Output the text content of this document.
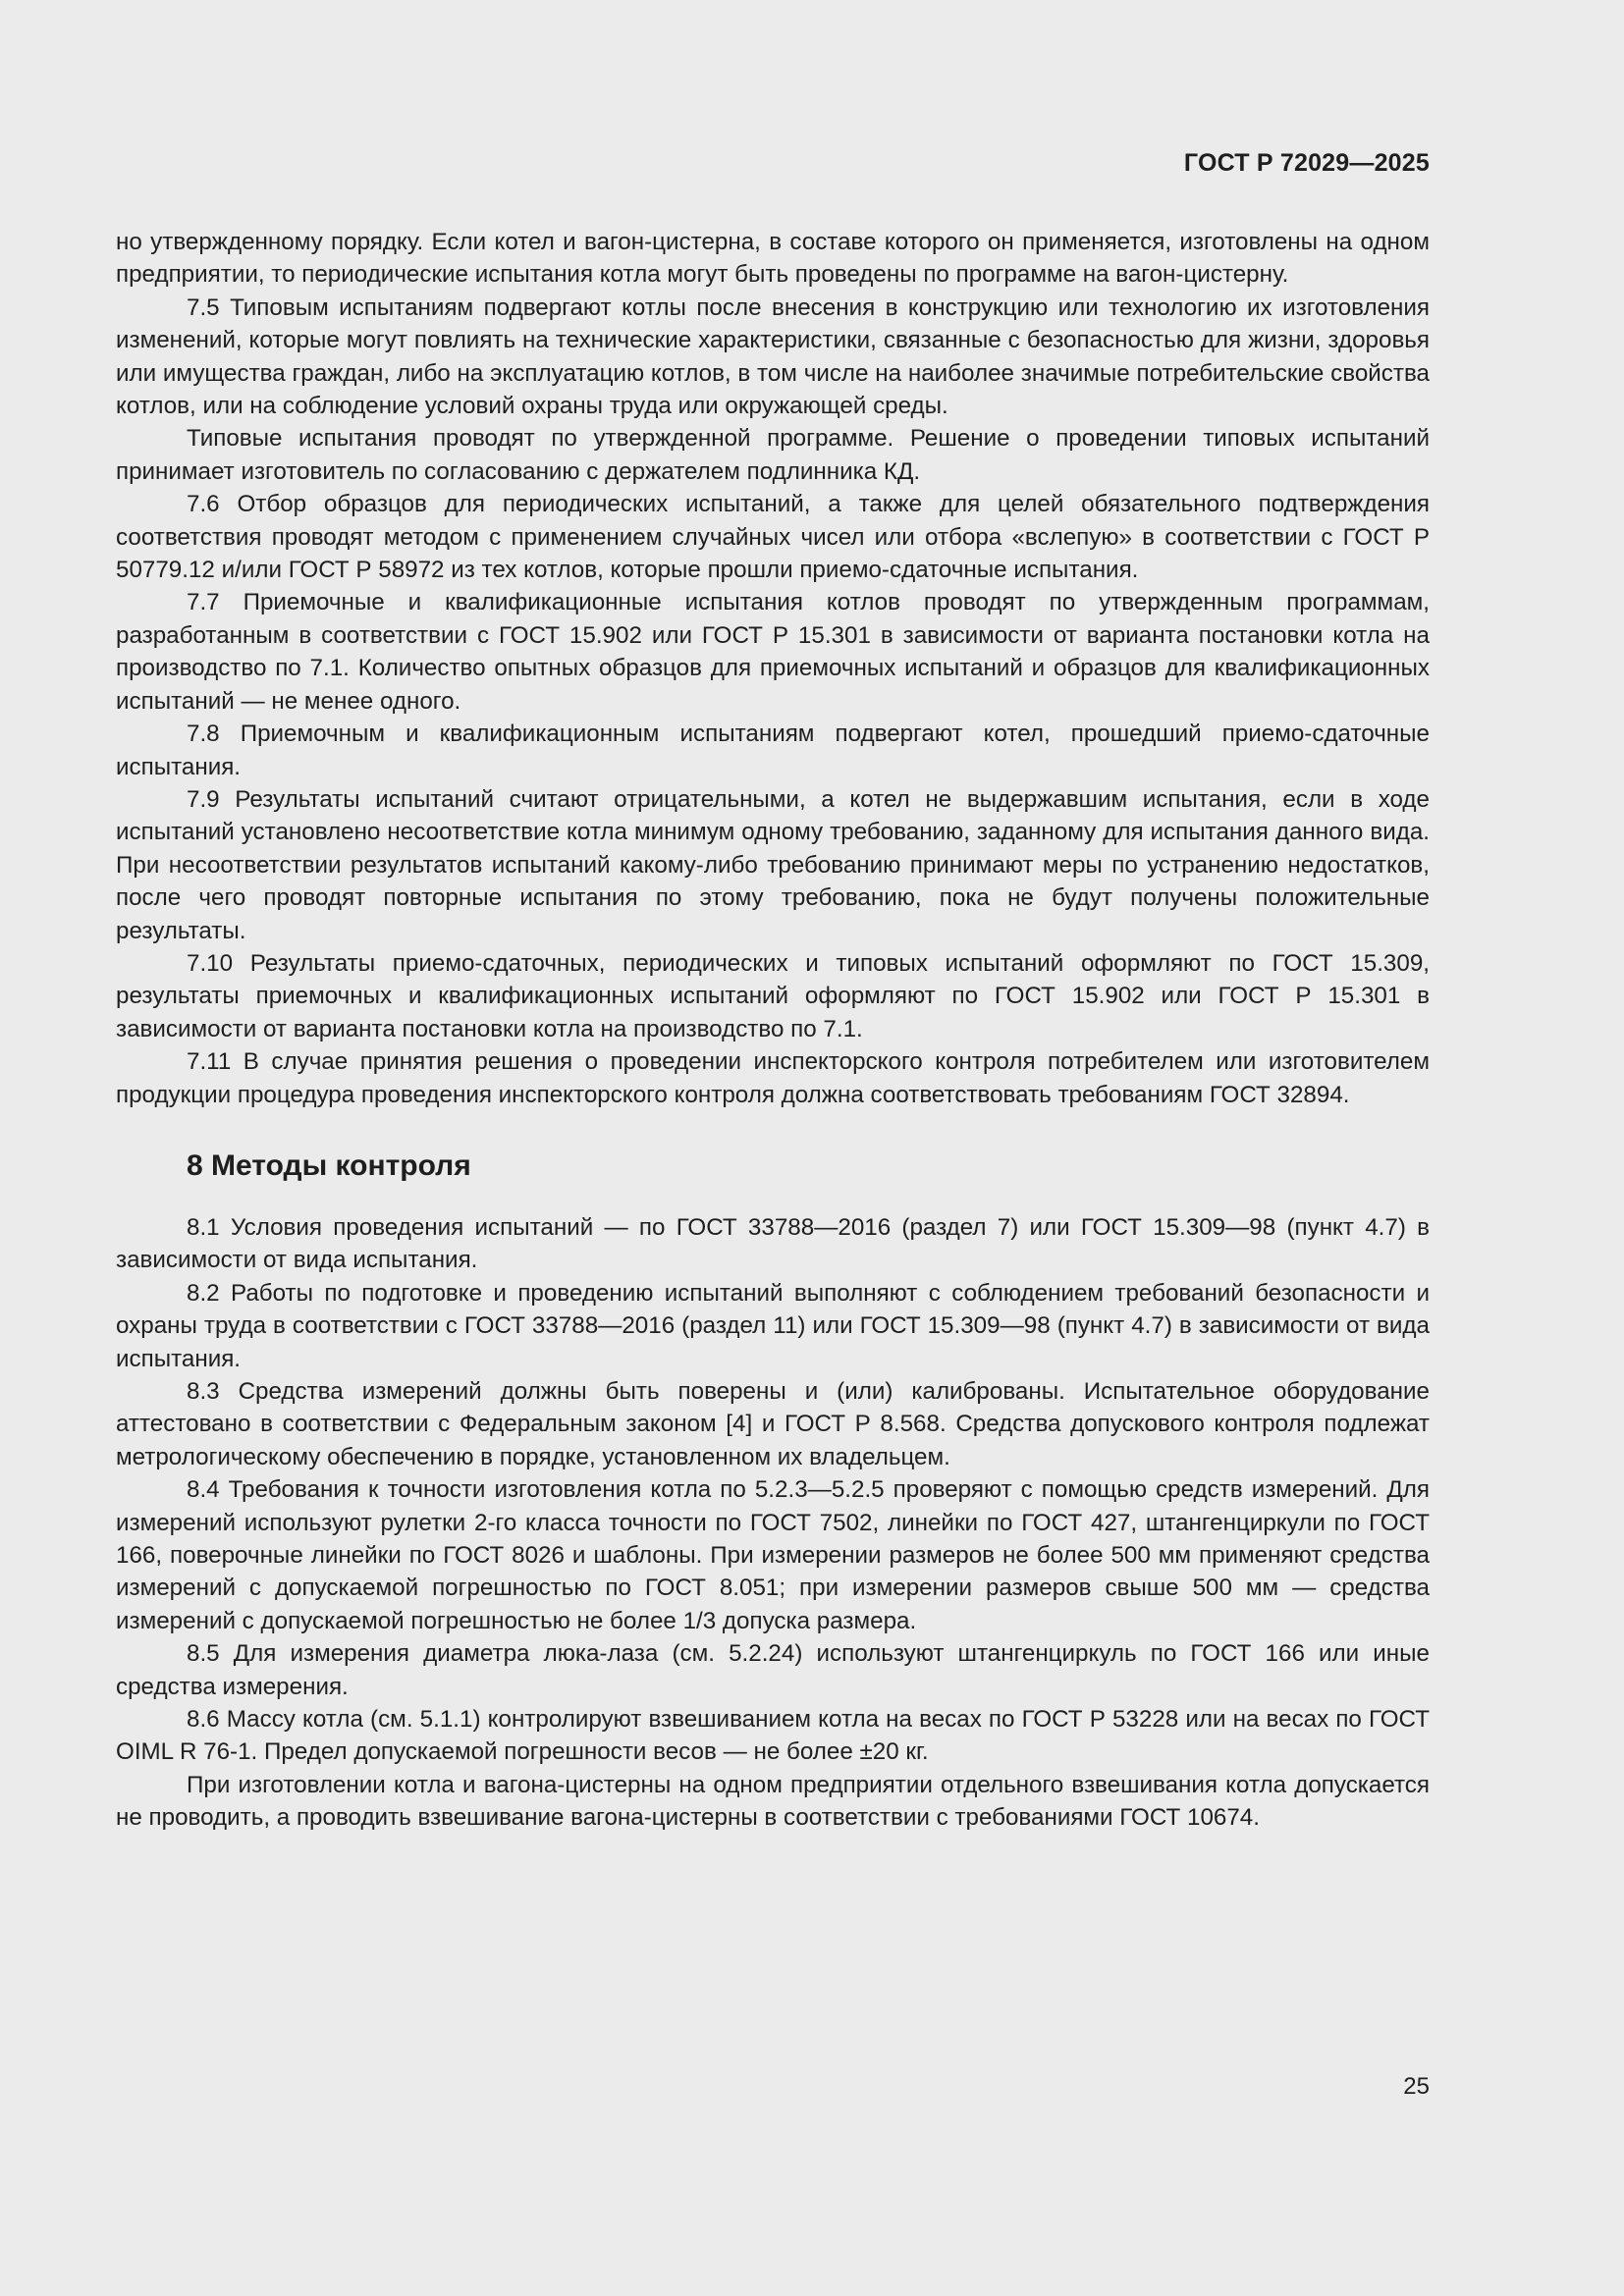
ГОСТ Р 72029—2025

но утвержденному порядку. Если котел и вагон-цистерна, в составе которого он применяется, изготовлены на одном предприятии, то периодические испытания котла могут быть проведены по программе на вагон-цистерну.

7.5 Типовым испытаниям подвергают котлы после внесения в конструкцию или технологию их изготовления изменений, которые могут повлиять на технические характеристики, связанные с безопасностью для жизни, здоровья или имущества граждан, либо на эксплуатацию котлов, в том числе на наиболее значимые потребительские свойства котлов, или на соблюдение условий охраны труда или окружающей среды.

Типовые испытания проводят по утвержденной программе. Решение о проведении типовых испытаний принимает изготовитель по согласованию с держателем подлинника КД.

7.6 Отбор образцов для периодических испытаний, а также для целей обязательного подтверждения соответствия проводят методом с применением случайных чисел или отбора «вслепую» в соответствии с ГОСТ Р 50779.12 и/или ГОСТ Р 58972 из тех котлов, которые прошли приемо-сдаточные испытания.

7.7 Приемочные и квалификационные испытания котлов проводят по утвержденным программам, разработанным в соответствии с ГОСТ 15.902 или ГОСТ Р 15.301 в зависимости от варианта постановки котла на производство по 7.1. Количество опытных образцов для приемочных испытаний и образцов для квалификационных испытаний — не менее одного.

7.8 Приемочным и квалификационным испытаниям подвергают котел, прошедший приемо-сдаточные испытания.

7.9 Результаты испытаний считают отрицательными, а котел не выдержавшим испытания, если в ходе испытаний установлено несоответствие котла минимум одному требованию, заданному для испытания данного вида. При несоответствии результатов испытаний какому-либо требованию принимают меры по устранению недостатков, после чего проводят повторные испытания по этому требованию, пока не будут получены положительные результаты.

7.10 Результаты приемо-сдаточных, периодических и типовых испытаний оформляют по ГОСТ 15.309, результаты приемочных и квалификационных испытаний оформляют по ГОСТ 15.902 или ГОСТ Р 15.301 в зависимости от варианта постановки котла на производство по 7.1.

7.11 В случае принятия решения о проведении инспекторского контроля потребителем или изготовителем продукции процедура проведения инспекторского контроля должна соответствовать требованиям ГОСТ 32894.

8 Методы контроля

8.1 Условия проведения испытаний — по ГОСТ 33788—2016 (раздел 7) или ГОСТ 15.309—98 (пункт 4.7) в зависимости от вида испытания.

8.2 Работы по подготовке и проведению испытаний выполняют с соблюдением требований безопасности и охраны труда в соответствии с ГОСТ 33788—2016 (раздел 11) или ГОСТ 15.309—98 (пункт 4.7) в зависимости от вида испытания.

8.3 Средства измерений должны быть поверены и (или) калиброваны. Испытательное оборудование аттестовано в соответствии с Федеральным законом [4] и ГОСТ Р 8.568. Средства допускового контроля подлежат метрологическому обеспечению в порядке, установленном их владельцем.

8.4 Требования к точности изготовления котла по 5.2.3—5.2.5 проверяют с помощью средств измерений. Для измерений используют рулетки 2-го класса точности по ГОСТ 7502, линейки по ГОСТ 427, штангенциркули по ГОСТ 166, поверочные линейки по ГОСТ 8026 и шаблоны. При измерении размеров не более 500 мм применяют средства измерений с допускаемой погрешностью по ГОСТ 8.051; при измерении размеров свыше 500 мм — средства измерений с допускаемой погрешностью не более 1/3 допуска размера.

8.5 Для измерения диаметра люка-лаза (см. 5.2.24) используют штангенциркуль по ГОСТ 166 или иные средства измерения.

8.6 Массу котла (см. 5.1.1) контролируют взвешиванием котла на весах по ГОСТ Р 53228 или на весах по ГОСТ OIML R 76-1. Предел допускаемой погрешности весов — не более ±20 кг.

При изготовлении котла и вагона-цистерны на одном предприятии отдельного взвешивания котла допускается не проводить, а проводить взвешивание вагона-цистерны в соответствии с требованиями ГОСТ 10674.

25
